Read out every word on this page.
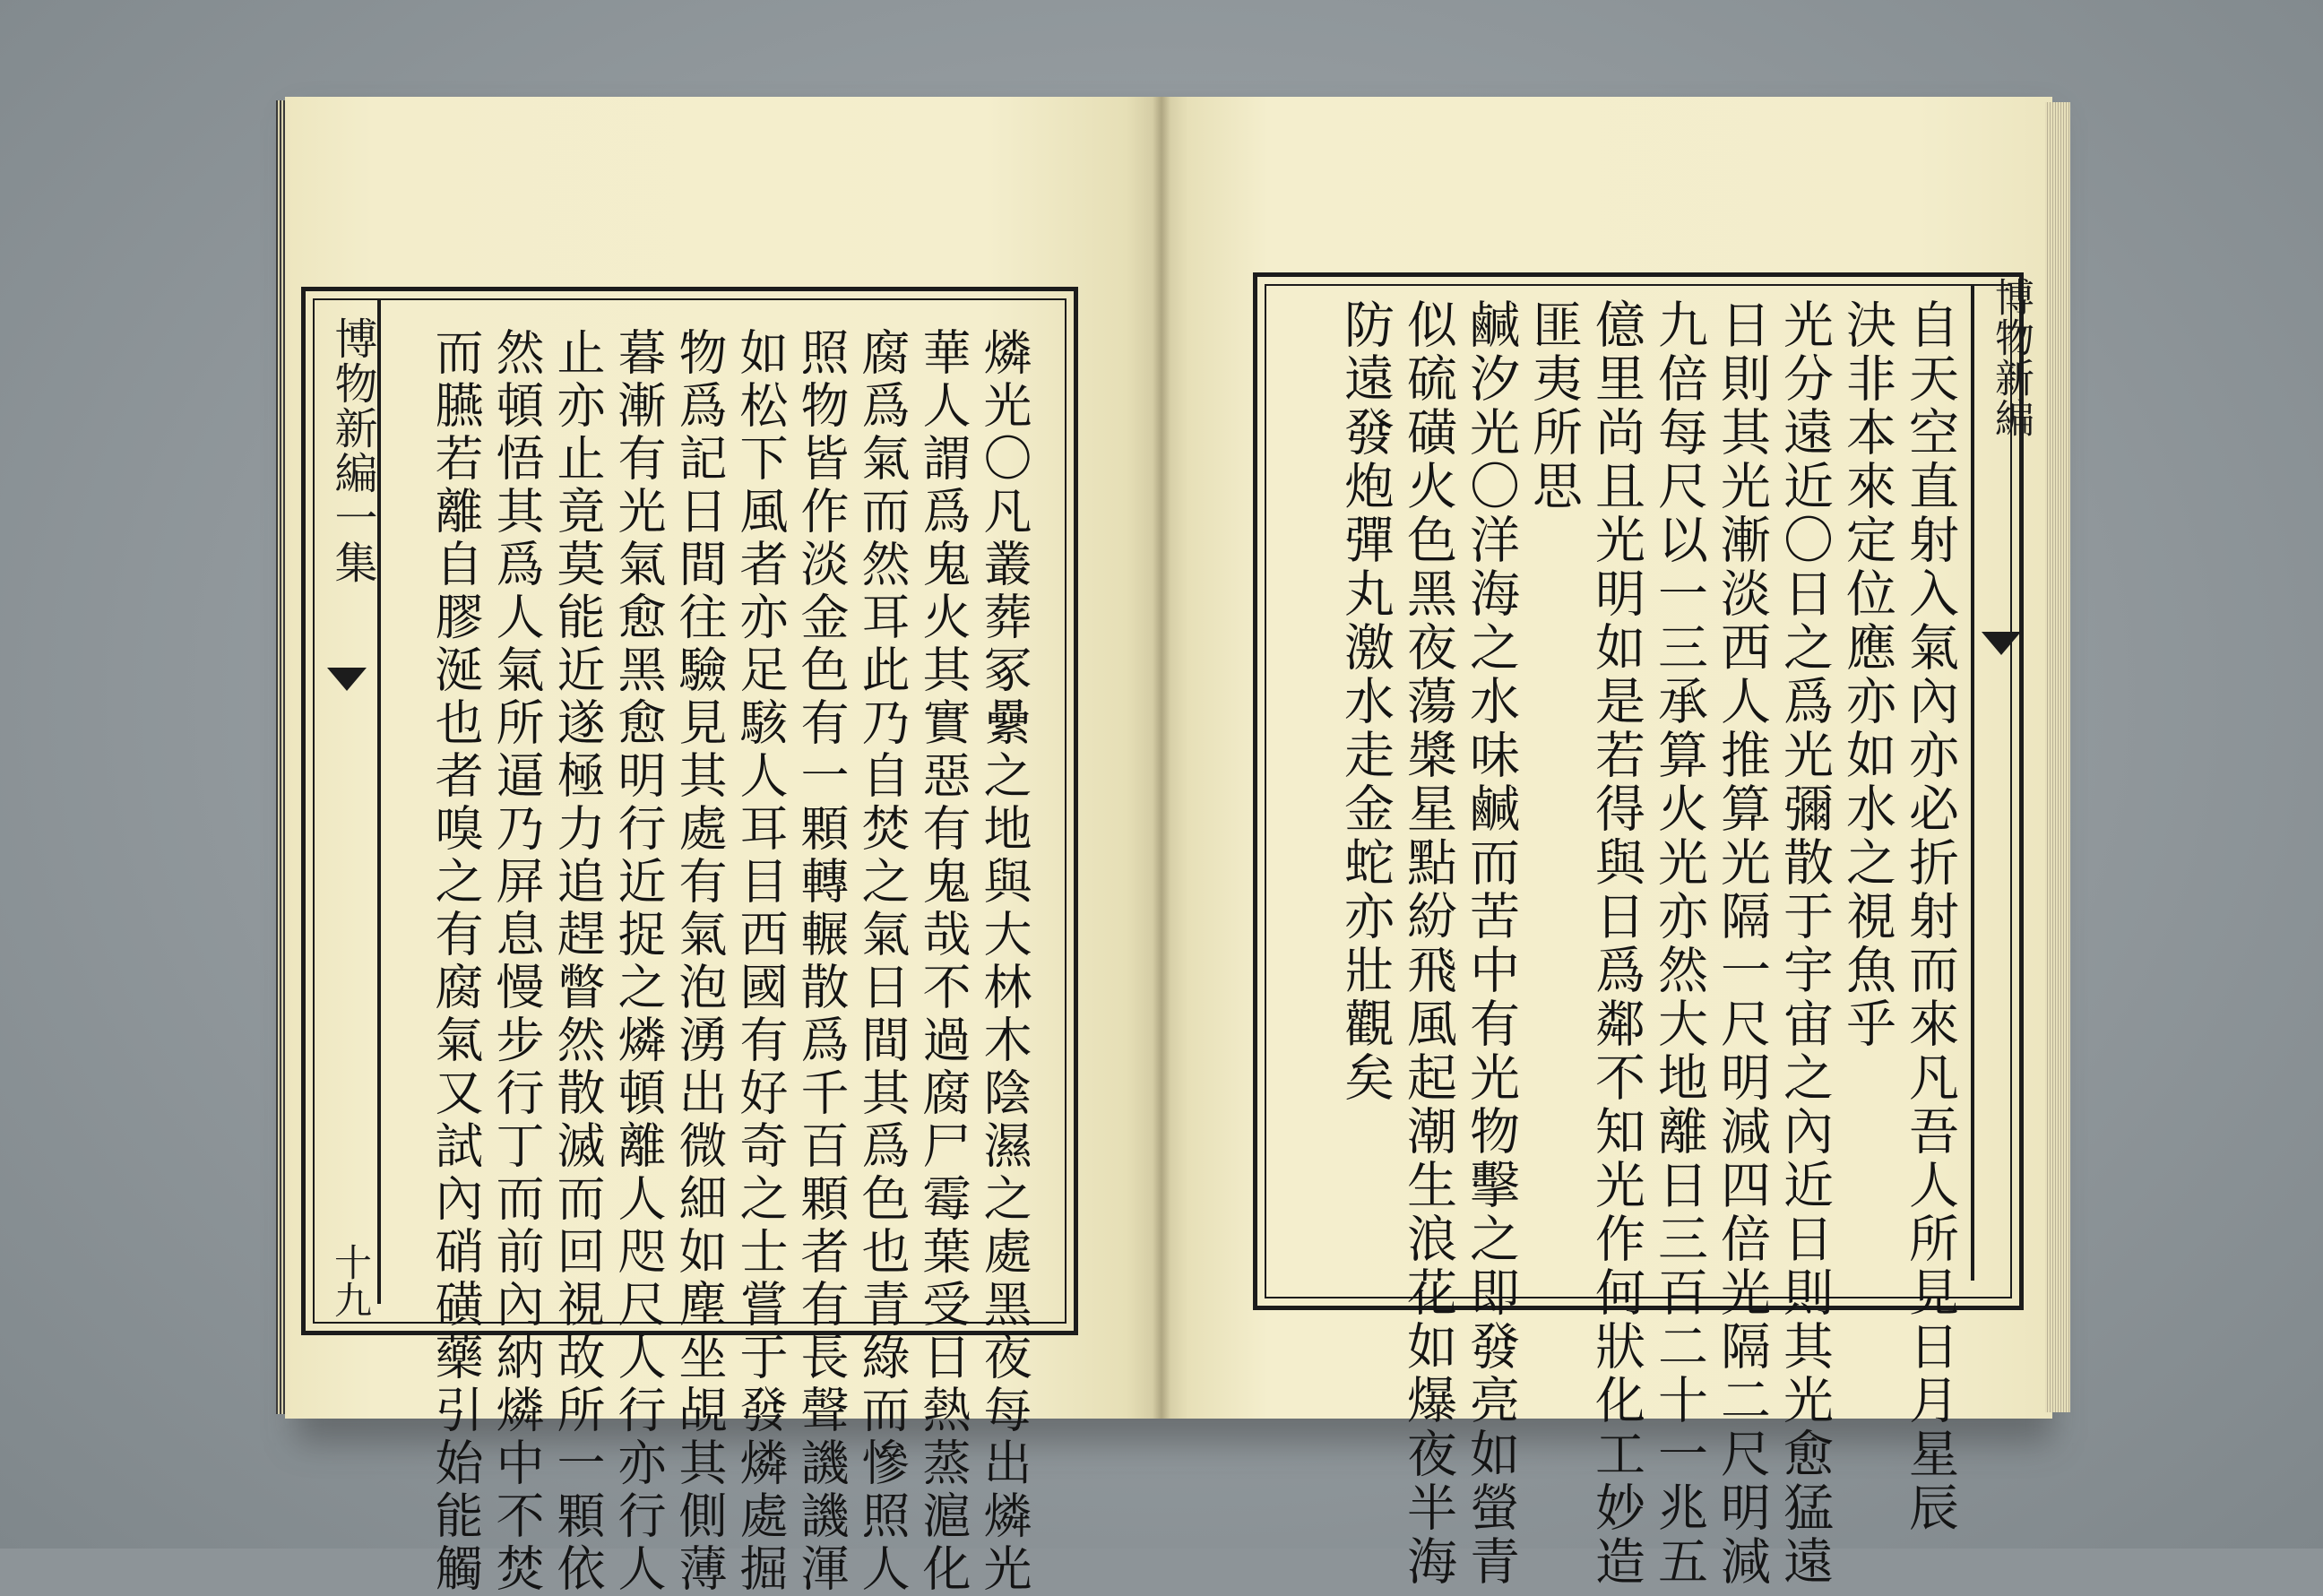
博物新編一集
十九	燐光〇凡叢葬冢纍之地與大林木陰濕之處黑夜每出燐光
華人謂爲鬼火其實惡有鬼哉不過腐尸霉葉受日熱蒸滬化
腐爲氣而然耳此乃自焚之氣日間其爲色也青綠而慘照人
照物皆作淡金色有一顆轉輾散爲千百顆者有長聲譏譏渾
如松下風者亦足駭人耳目西國有好奇之士嘗于發燐處掘
物爲記日間往驗見其處有氣泡湧出微細如塵坐覘其側薄
暮漸有光氣愈黑愈明行近捉之燐頓離人咫尺人行亦行人
止亦止竟莫能近遂極力追趕瞥然散滅而回視故所一顆依
然頓悟其爲人氣所逼乃屏息慢步行丁而前內納燐中不焚
而臙若離自膠涎也者嗅之有腐氣又試內硝磺藥引始能觸	博物新編
自天空直射入氣內亦必折射而來凡吾人所見日月星辰
決非本來定位應亦如水之視魚乎
光分遠近〇日之爲光彌散于宇宙之內近日則其光愈猛遠
日則其光漸淡西人推算光隔一尺明減四倍光隔二尺明減
九倍每尺以一三承算火光亦然大地離日三百二十一兆五
億里尚且光明如是若得與日爲鄰不知光作何狀化工妙造
匪夷所思
鹹汐光〇洋海之水味鹹而苦中有光物擊之即發亮如螢青
似硫磺火色黑夜蕩槳星點紛飛風起潮生浪花如爆夜半海
防遠發炮彈丸激水走金蛇亦壯觀矣
